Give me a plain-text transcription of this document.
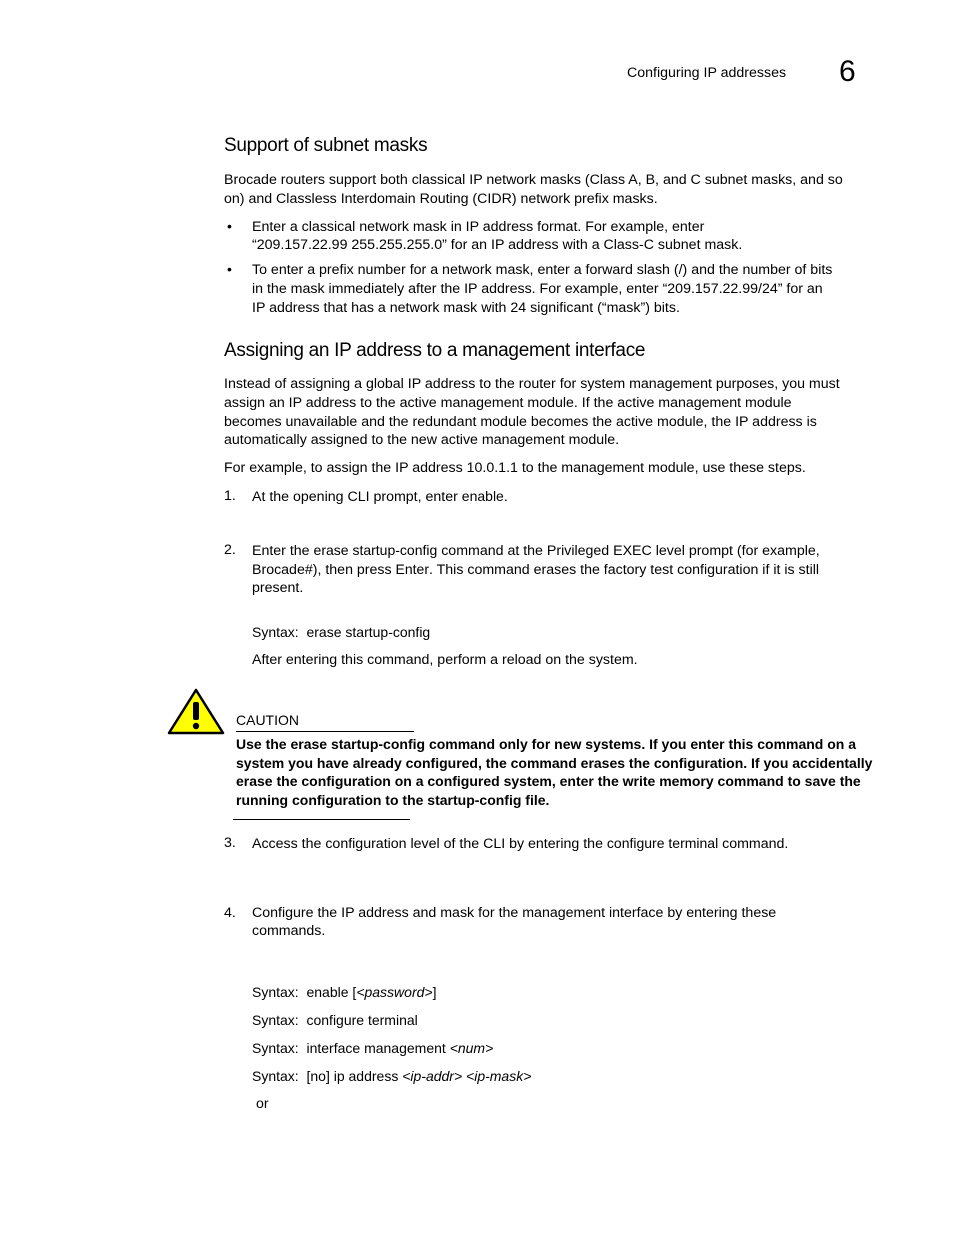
Configuring IP addresses 6
Support of subnet masks
Brocade routers support both classical IP network masks (Class A, B, and C subnet masks, and so
on) and Classless Interdomain Routing (CIDR) network prefix masks.
• Enter a classical network mask in IP address format. For example, enter
“209.157.22.99 255.255.255.0” for an IP address with a Class-C subnet mask.
• To enter a prefix number for a network mask, enter a forward slash (/) and the number of bits
in the mask immediately after the IP address. For example, enter “209.157.22.99/24” for an
IP address that has a network mask with 24 significant (“mask”) bits.
Assigning an IP address to a management interface
Instead of assigning a global IP address to the router for system management purposes, you must
assign an IP address to the active management module. If the active management module
becomes unavailable and the redundant module becomes the active module, the IP address is
automatically assigned to the new active management module.
For example, to assign the IP address 10.0.1.1 to the management module, use these steps.
1. At the opening CLI prompt, enter enable.
2. Enter the erase startup-config command at the Privileged EXEC level prompt (for example,
Brocade#), then press Enter. This command erases the factory test configuration if it is still
present.
Syntax: erase startup-config
After entering this command, perform a reload on the system.
CAUTION
Use the erase startup-config command only for new systems. If you enter this command on a
system you have already configured, the command erases the configuration. If you accidentally
erase the configuration on a configured system, enter the write memory command to save the
running configuration to the startup-config file.
3. Access the configuration level of the CLI by entering the configure terminal command.
4. Configure the IP address and mask for the management interface by entering these
commands.
Syntax: enable [<password>]
Syntax: configure terminal
Syntax: interface management <num>
Syntax: [no] ip address <ip-addr> <ip-mask>
or
